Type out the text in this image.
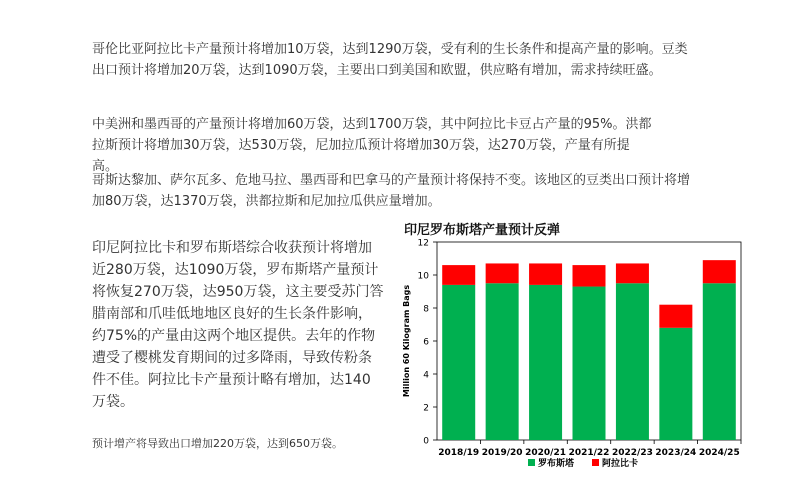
哥伦比亚阿拉比卡产量预计将增加10万袋，达到1290万袋，受有利的生长条件和提高产量的影响。豆类出口预计将增加20万袋，达到1090万袋，主要出口到美国和欧盟，供应略有增加，需求持续旺盛。
中美洲和墨西哥的产量预计将增加60万袋，达到1700万袋，其中阿拉比卡豆占产量的95%。洪都拉斯预计将增加30万袋，达530万袋，尼加拉瓜预计将增加30万袋，达270万袋，产量有所提高。
哥斯达黎加、萨尔瓦多、危地马拉、墨西哥和巴拿马的产量预计将保持不变。该地区的豆类出口预计将增加80万袋，达1370万袋，洪都拉斯和尼加拉瓜供应量增加。
印尼阿拉比卡和罗布斯塔综合收获预计将增加近280万袋，达1090万袋，罗布斯塔产量预计将恢复270万袋，达950万袋，这主要受苏门答腊南部和爪哇低地地区良好的生长条件影响，约75%的产量由这两个地区提供。去年的作物遭受了樱桃发育期间的过多降雨，导致传粉条件不佳。阿拉比卡产量预计略有增加，达140万袋。
预计增产将导致出口增加220万袋，达到650万袋。
印尼罗布斯塔产量预计反弹
0
2
4
6
8
10
12
Million 60 Kilogram Bags
2018/19 2019/20 2020/21 2021/22 2022/23 2023/24 2024/25
罗布斯塔	阿拉比卡
